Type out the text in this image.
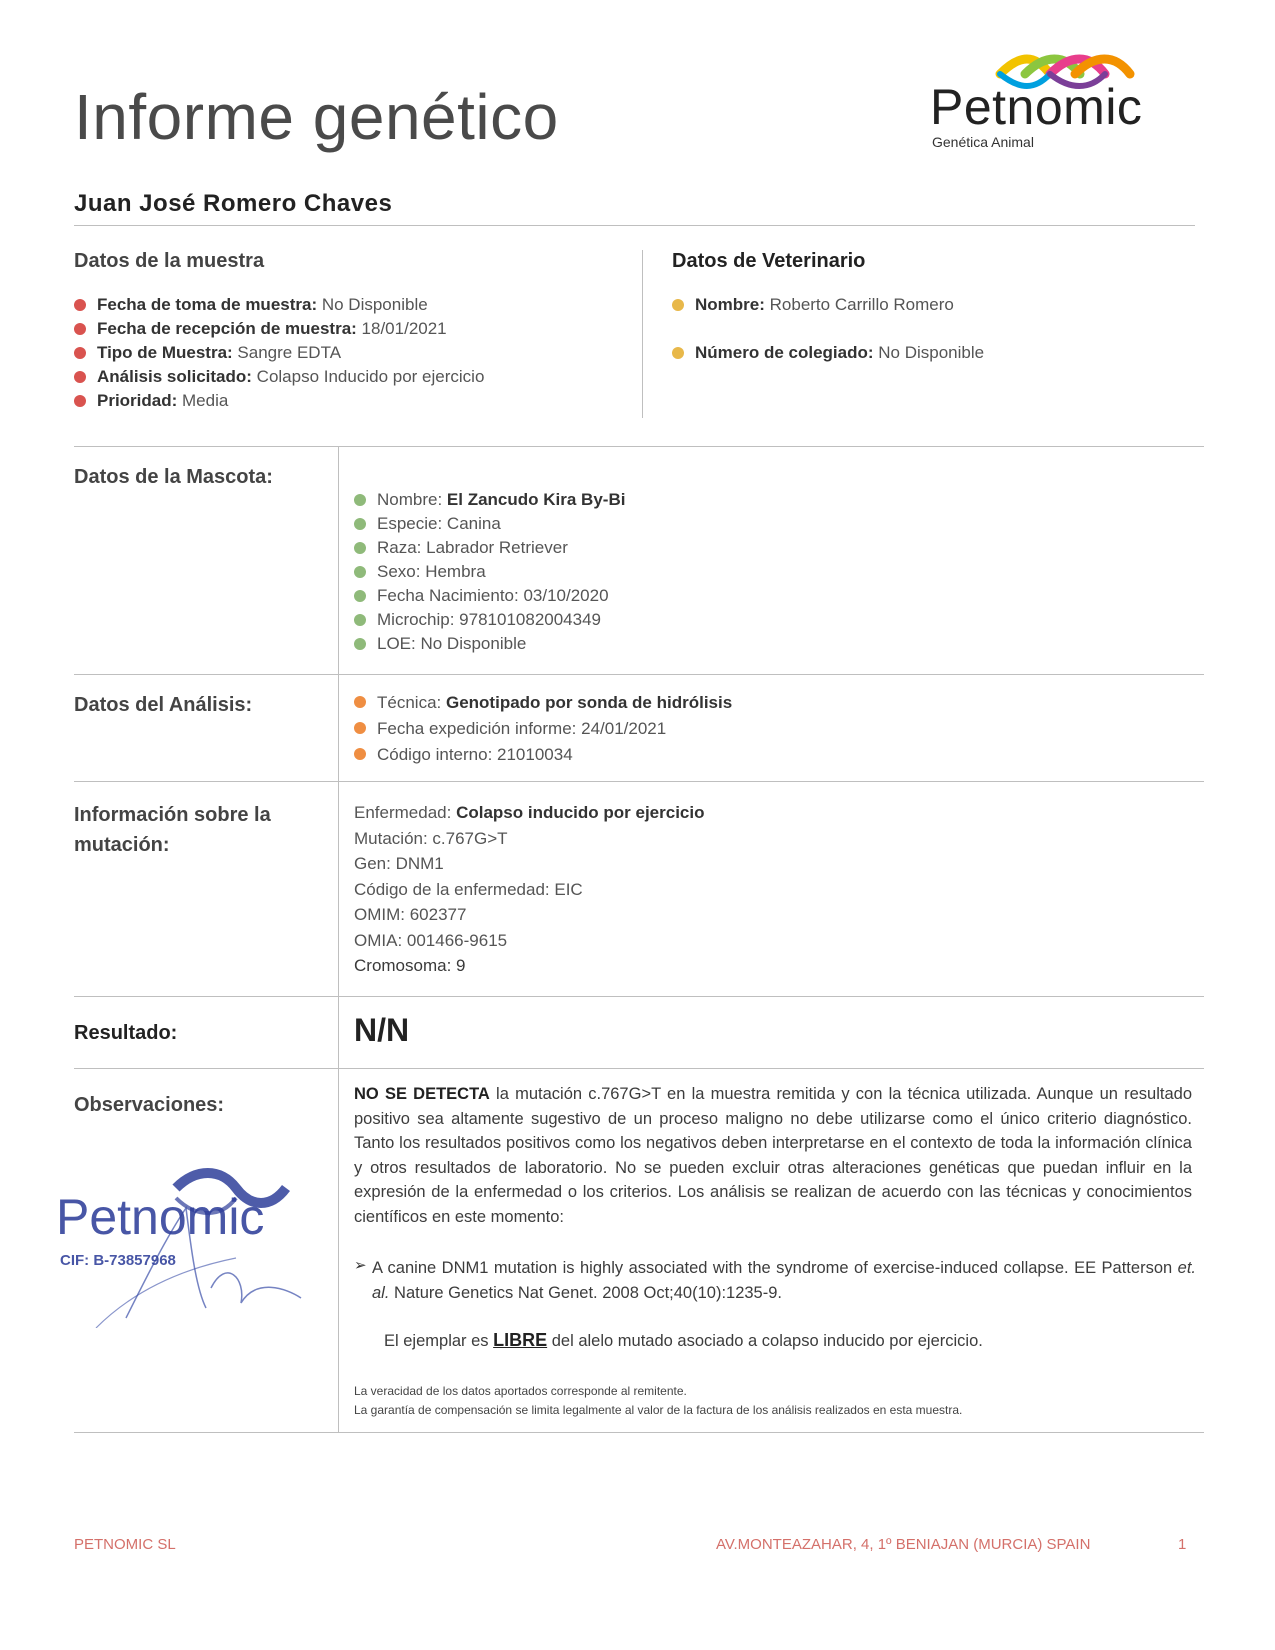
Informe genético	Petnomic
Genética Animal
Juan José Romero Chaves
Datos de la muestra
Fecha de toma de muestra: No Disponible
Fecha de recepción de muestra: 18/01/2021
Tipo de Muestra: Sangre EDTA
Análisis solicitado: Colapso Inducido por ejercicio
Prioridad: Media
Datos de Veterinario
Nombre: Roberto Carrillo Romero
Número de colegiado: No Disponible
Datos de la Mascota:
Nombre: El Zancudo Kira By-Bi
Especie: Canina
Raza: Labrador Retriever
Sexo: Hembra
Fecha Nacimiento: 03/10/2020
Microchip: 978101082004349
LOE: No Disponible
Datos del Análisis:	Técnica: Genotipado por sonda de hidrólisis
Fecha expedición informe: 24/01/2021
Código interno: 21010034
Información sobre la
mutación:
Enfermedad: Colapso inducido por ejercicio
Mutación: c.767G>T
Gen: DNM1
Código de la enfermedad: EIC
OMIM: 602377
OMIA: 001466-9615
Cromosoma: 9
Resultado:	N/N
Observaciones:	NO SE DETECTA la mutación c.767G>T en la muestra remitida y con la técnica utilizada. Aunque un resultado positivo sea altamente sugestivo de un proceso maligno no debe utilizarse como el único criterio diagnóstico. Tanto los resultados positivos como los negativos deben interpretarse en el contexto de toda la información clínica y otros resultados de laboratorio. No se pueden excluir otras alteraciones genéticas que puedan influir en la expresión de la enfermedad o los criterios. Los análisis se realizan de acuerdo con las técnicas y conocimientos científicos en este momento:
➢ A canine DNM1 mutation is highly associated with the syndrome of exercise-induced collapse. EE Patterson et. al. Nature Genetics Nat Genet. 2008 Oct;40(10):1235-9.
El ejemplar es LIBRE del alelo mutado asociado a colapso inducido por ejercicio.
La veracidad de los datos aportados corresponde al remitente.
La garantía de compensación se limita legalmente al valor de la factura de los análisis realizados en esta muestra.
Petnomic
CIF: B-73857968
PETNOMIC SL	AV.MONTEAZAHAR, 4, 1º BENIAJAN (MURCIA) SPAIN	1
